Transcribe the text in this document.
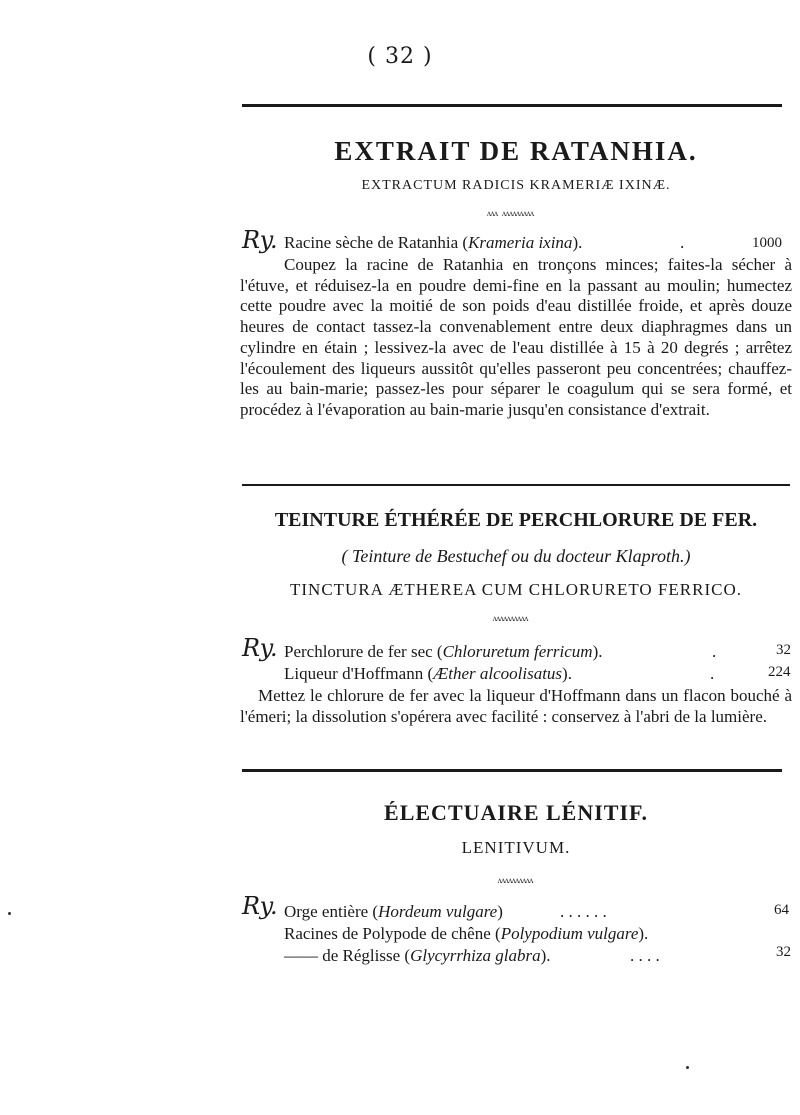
( 32 )
EXTRAIT DE RATANHIA.
EXTRACTUM RADICIS KRAMERIÆ IXINÆ.
ᴧᴧᴧ ᴧᴧᴧᴧᴧᴧᴧᴧᴧ
Ry. Racine sèche de Ratanhia (Krameria ixina).	.	1000
Coupez la racine de Ratanhia en tronçons minces; faites-la sécher à l'étuve, et réduisez-la en poudre demi-fine en la passant au moulin; humectez cette poudre avec la moitié de son poids d'eau distillée froide, et après douze heures de contact tassez-la convenablement entre deux diaphragmes dans un cylindre en étain ; lessivez-la avec de l'eau distillée à 15 à 20 degrés ; arrêtez l'écoulement des liqueurs aussitôt qu'elles passeront peu concentrées; chauffez-les au bain-marie; passez-les pour séparer le coagulum qui se sera formé, et procédez à l'évaporation au bain-marie jusqu'en consistance d'extrait.
TEINTURE ÉTHÉRÉE DE PERCHLORURE DE FER.
( Teinture de Bestuchef ou du docteur Klaproth.)
TINCTURA ÆTHEREA CUM CHLORURETO FERRICO.
ᴧᴧᴧᴧᴧᴧᴧᴧᴧᴧ
Ry. Perchlorure de fer sec (Chloruretum ferricum).	.	32
Liqueur d'Hoffmann (Æther alcoolisatus).	.	224
Mettez le chlorure de fer avec la liqueur d'Hoffmann dans un flacon bouché à l'émeri; la dissolution s'opérera avec facilité : conservez à l'abri de la lumière.
ÉLECTUAIRE LÉNITIF.
LENITIVUM.
ᴧᴧᴧᴧᴧᴧᴧᴧᴧᴧ
Ry. Orge entière (Hordeum vulgare)	. . . . . .	64
Racines de Polypode de chêne (Polypodium vulgare).
—— de Réglisse (Glycyrrhiza glabra).	. . . .	32
